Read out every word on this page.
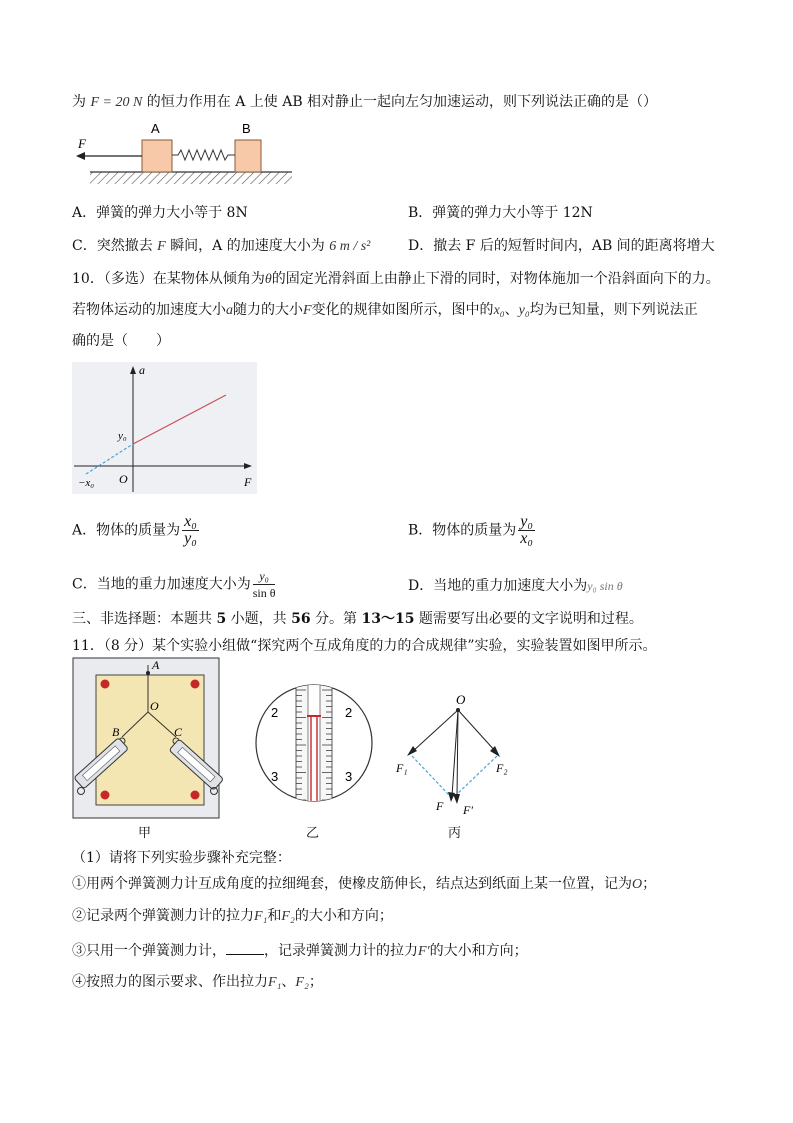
为 F = 20 N 的恒力作用在 A 上使 AB 相对静止一起向左匀加速运动，则下列说法正确的是（）
F
A	B
A．弹簧的弹力大小等于 8N	B．弹簧的弹力大小等于 12N
C．突然撤去 F 瞬间，A 的加速度大小为 6 m / s²	D．撤去 F 后的短暂时间内，AB 间的距离将增大
10．（多选）在某物体从倾角为θ的固定光滑斜面上由静止下滑的同时，对物体施加一个沿斜面向下的力。
若物体运动的加速度大小a随力的大小F变化的规律如图所示，图中的x₀、y₀均为已知量，则下列说法正
确的是（　　）
a
F
O
y₀
−x₀
A．物体的质量为 $\frac{\text{x₀}}{\text{y₀}}$	B．物体的质量为 $\frac{\text{y₀}}{\text{x₀}}$
C．当地的重力加速度大小为 $\frac{\text{y₀}}{\text{sin θ}}$	D．当地的重力加速度大小为y₀ sin θ
三、非选择题：本题共 5 小题，共 56 分。第 13～15 题需要写出必要的文字说明和过程。
11．（8 分）某个实验小组做“探究两个互成角度的力的合成规律”实验，实验装置如图甲所示。
A
O
B	C
甲
2	2
3	3
乙
O
F₁	F₂
F F′
丙
（1）请将下列实验步骤补充完整：
①用两个弹簧测力计互成角度的拉细绳套，使橡皮筋伸长，结点达到纸面上某一位置，记为O；
②记录两个弹簧测力计的拉力F₁和F₂的大小和方向；
③只用一个弹簧测力计，	，记录弹簧测力计的拉力F′的大小和方向；
④按照力的图示要求、作出拉力F₁、F₂；
